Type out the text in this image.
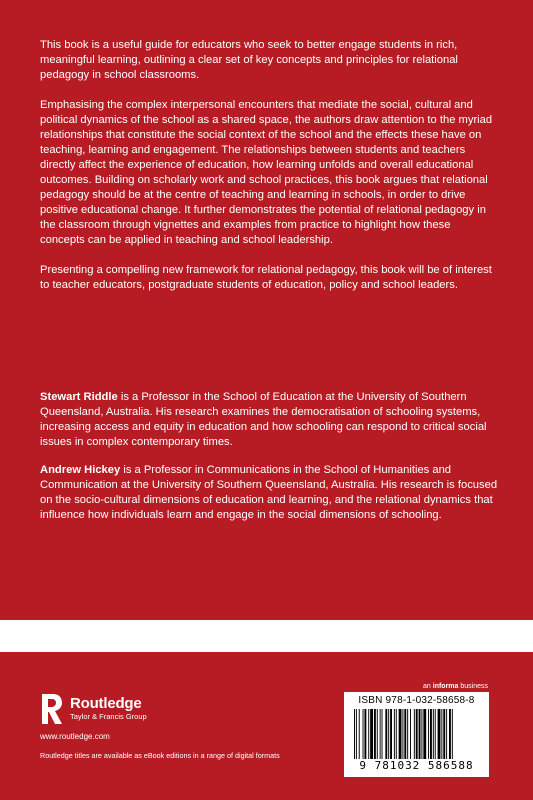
This book is a useful guide for educators who seek to better engage students in rich, meaningful learning, outlining a clear set of key concepts and principles for relational pedagogy in school classrooms.

Emphasising the complex interpersonal encounters that mediate the social, cultural and political dynamics of the school as a shared space, the authors draw attention to the myriad relationships that constitute the social context of the school and the effects these have on teaching, learning and engagement. The relationships between students and teachers directly affect the experience of education, how learning unfolds and overall educational outcomes. Building on scholarly work and school practices, this book argues that relational pedagogy should be at the centre of teaching and learning in schools, in order to drive positive educational change. It further demonstrates the potential of relational pedagogy in the classroom through vignettes and examples from practice to highlight how these concepts can be applied in teaching and school leadership.

Presenting a compelling new framework for relational pedagogy, this book will be of interest to teacher educators, postgraduate students of education, policy and school leaders.

Stewart Riddle is a Professor in the School of Education at the University of Southern Queensland, Australia. His research examines the democratisation of schooling systems, increasing access and equity in education and how schooling can respond to critical social issues in complex contemporary times.

Andrew Hickey is a Professor in Communications in the School of Humanities and Communication at the University of Southern Queensland, Australia. His research is focused on the socio-cultural dimensions of education and learning, and the relational dynamics that influence how individuals learn and engage in the social dimensions of schooling.

Routledge
Taylor & Francis Group
www.routledge.com
Routledge titles are available as eBook editions in a range of digital formats
an informa business
ISBN 978-1-032-58658-8
9 781032 586588
